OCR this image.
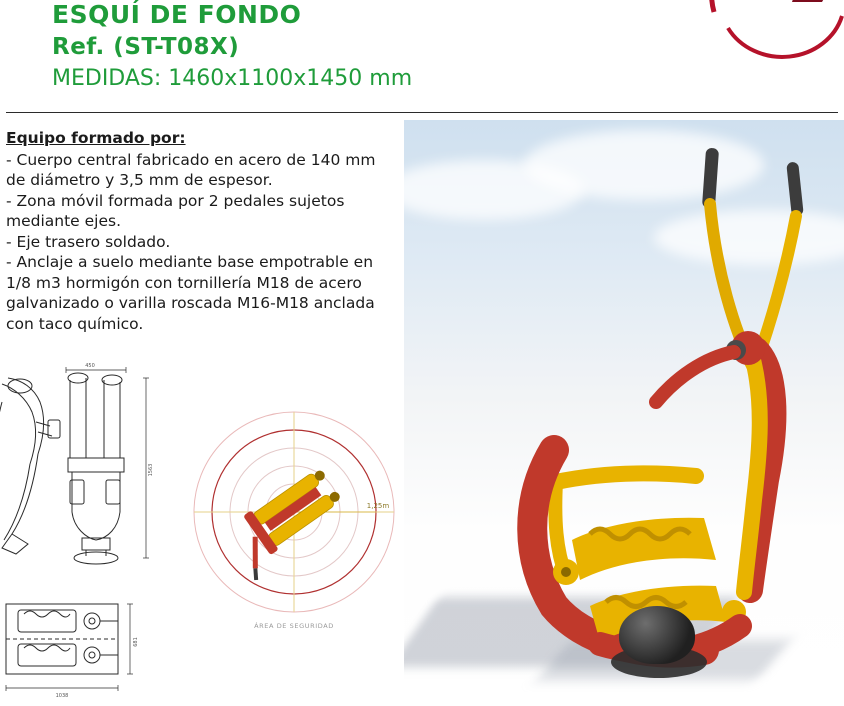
ESQUÍ DE FONDO
Ref. (ST-T08X)
MEDIDAS: 1460x1100x1450 mm
Equipo formado por:

- Cuerpo central fabricado en acero de 140 mm

de diámetro y 3,5 mm de espesor.

- Zona móvil formada por 2 pedales sujetos

mediante ejes.

- Eje trasero soldado.

- Anclaje a suelo mediante base empotrable en

1/8 m3 hormigón con tornillería M18 de acero

galvanizado o varilla roscada M16-M18 anclada

con taco químico.

450
1563
681
1038
1,25m
ÁREA DE SEGURIDAD
